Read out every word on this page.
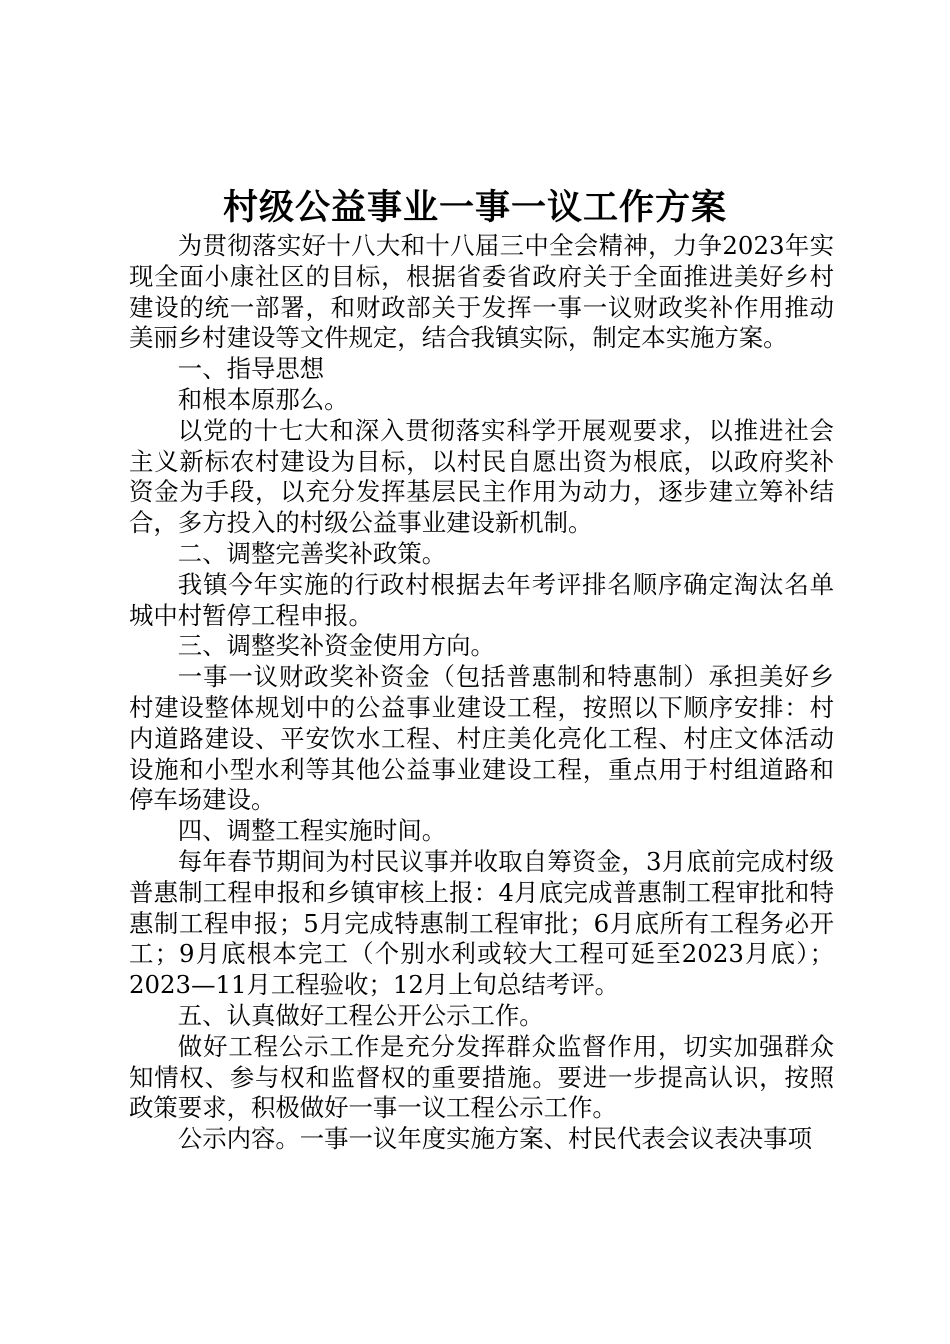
村级公益事业一事一议工作方案

为贯彻落实好十八大和十八届三中全会精神，力争2023年实现全面小康社区的目标，根据省委省政府关于全面推进美好乡村建设的统一部署，和财政部关于发挥一事一议财政奖补作用推动美丽乡村建设等文件规定，结合我镇实际，制定本实施方案。

一、指导思想

和根本原那么。

以党的十七大和深入贯彻落实科学开展观要求，以推进社会主义新标农村建设为目标，以村民自愿出资为根底，以政府奖补资金为手段，以充分发挥基层民主作用为动力，逐步建立筹补结合，多方投入的村级公益事业建设新机制。

二、调整完善奖补政策。

我镇今年实施的行政村根据去年考评排名顺序确定淘汰名单城中村暂停工程申报。

三、调整奖补资金使用方向。

一事一议财政奖补资金（包括普惠制和特惠制）承担美好乡村建设整体规划中的公益事业建设工程，按照以下顺序安排：村内道路建设、平安饮水工程、村庄美化亮化工程、村庄文体活动设施和小型水利等其他公益事业建设工程，重点用于村组道路和停车场建设。

四、调整工程实施时间。

每年春节期间为村民议事并收取自筹资金，3月底前完成村级普惠制工程申报和乡镇审核上报：4月底完成普惠制工程审批和特惠制工程申报；5月完成特惠制工程审批；6月底所有工程务必开工；9月底根本完工（个别水利或较大工程可延至2023月底）；2023—11月工程验收；12月上旬总结考评。

五、认真做好工程公开公示工作。

做好工程公示工作是充分发挥群众监督作用，切实加强群众知情权、参与权和监督权的重要措施。要进一步提高认识，按照政策要求，积极做好一事一议工程公示工作。

公示内容。一事一议年度实施方案、村民代表会议表决事项
